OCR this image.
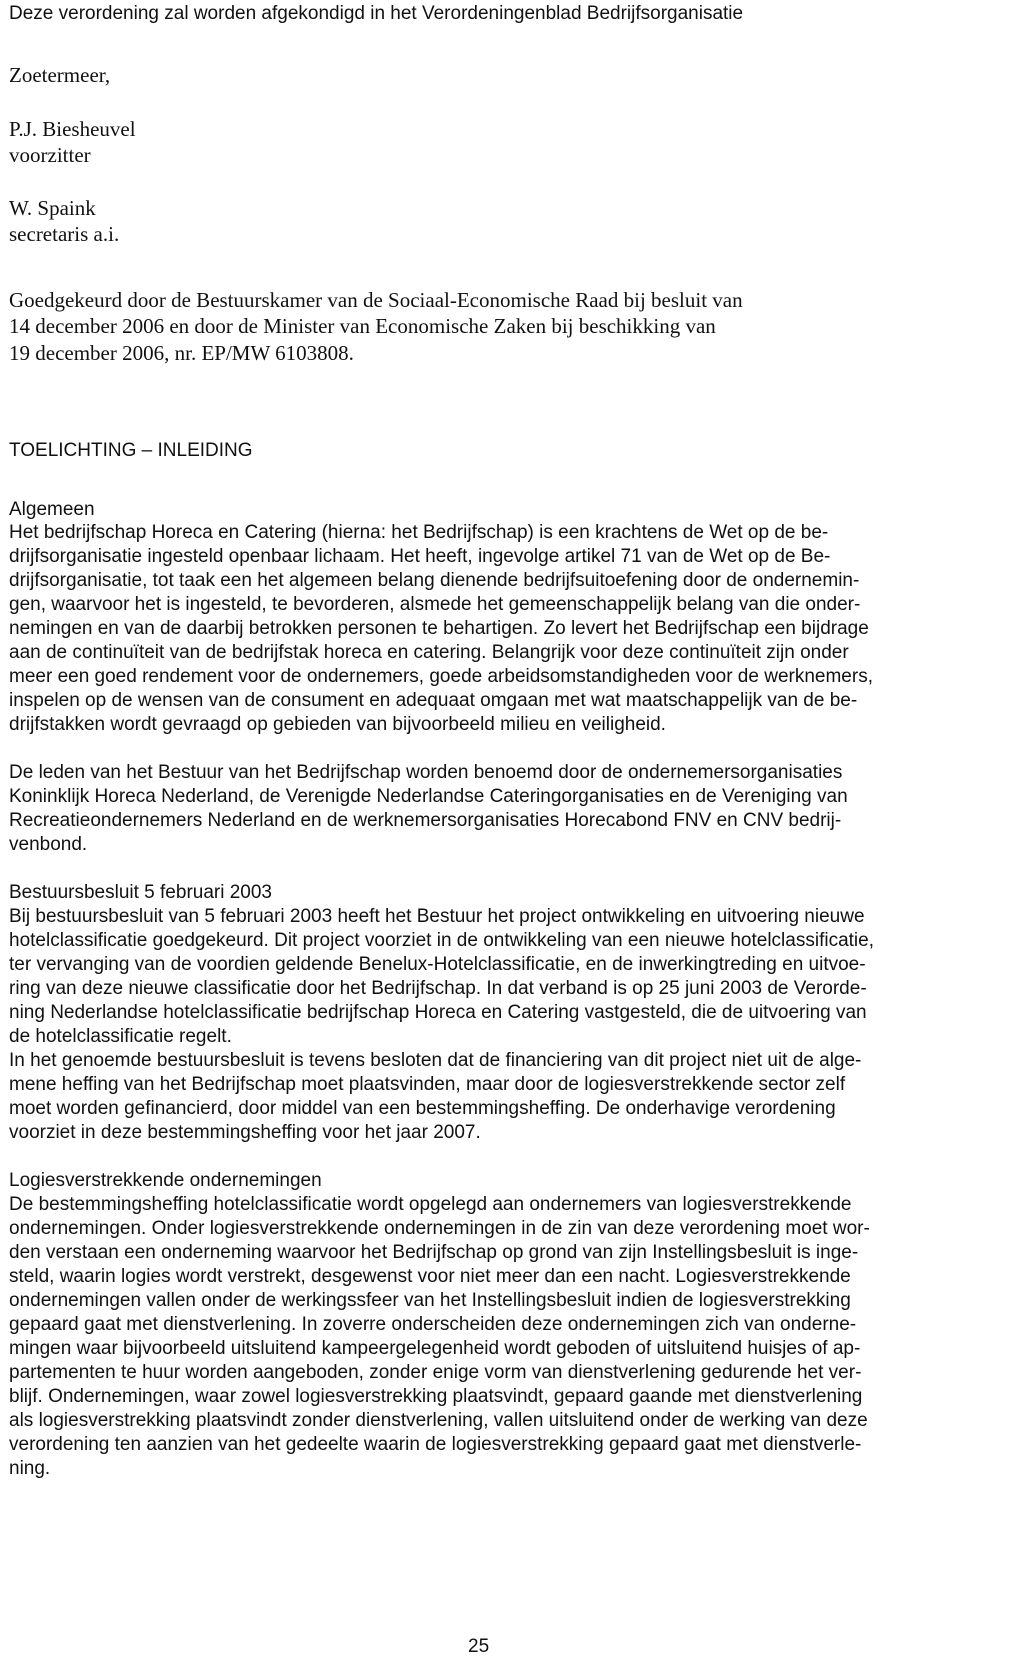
Deze verordening zal worden afgekondigd in het Verordeningenblad Bedrijfsorganisatie

Zoetermeer,

P.J. Biesheuvel

voorzitter

W. Spaink

secretaris a.i.

Goedgekeurd door de Bestuurskamer van de Sociaal-Economische Raad bij besluit van

14 december 2006 en door de Minister van Economische Zaken bij beschikking van

19 december 2006, nr. EP/MW 6103808.

TOELICHTING – INLEIDING

Algemeen

Het bedrijfschap Horeca en Catering (hierna: het Bedrijfschap) is een krachtens de Wet op de be-

drijfsorganisatie ingesteld openbaar lichaam. Het heeft, ingevolge artikel 71 van de Wet op de Be-

drijfsorganisatie, tot taak een het algemeen belang dienende bedrijfsuitoefening door de ondernemin-

gen, waarvoor het is ingesteld, te bevorderen, alsmede het gemeenschappelijk belang van die onder-

nemingen en van de daarbij betrokken personen te behartigen. Zo levert het Bedrijfschap een bijdrage

aan de continuïteit van de bedrijfstak horeca en catering. Belangrijk voor deze continuïteit zijn onder

meer een goed rendement voor de ondernemers, goede arbeidsomstandigheden voor de werknemers,

inspelen op de wensen van de consument en adequaat omgaan met wat maatschappelijk van de be-

drijfstakken wordt gevraagd op gebieden van bijvoorbeeld milieu en veiligheid.

De leden van het Bestuur van het Bedrijfschap worden benoemd door de ondernemersorganisaties

Koninklijk Horeca Nederland, de Verenigde Nederlandse Cateringorganisaties en de Vereniging van

Recreatieondernemers Nederland en de werknemersorganisaties Horecabond FNV en CNV bedrij-

venbond.

Bestuursbesluit 5 februari 2003

Bij bestuursbesluit van 5 februari 2003 heeft het Bestuur het project ontwikkeling en uitvoering nieuwe

hotelclassificatie goedgekeurd. Dit project voorziet in de ontwikkeling van een nieuwe hotelclassificatie,

ter vervanging van de voordien geldende Benelux-Hotelclassificatie, en de inwerkingtreding en uitvoe-

ring van deze nieuwe classificatie door het Bedrijfschap. In dat verband is op 25 juni 2003 de Verorde-

ning Nederlandse hotelclassificatie bedrijfschap Horeca en Catering vastgesteld, die de uitvoering van

de hotelclassificatie regelt.

In het genoemde bestuursbesluit is tevens besloten dat de financiering van dit project niet uit de alge-

mene heffing van het Bedrijfschap moet plaatsvinden, maar door de logiesverstrekkende sector zelf

moet worden gefinancierd, door middel van een bestemmingsheffing. De onderhavige verordening

voorziet in deze bestemmingsheffing voor het jaar 2007.

Logiesverstrekkende ondernemingen

De bestemmingsheffing hotelclassificatie wordt opgelegd aan ondernemers van logiesverstrekkende

ondernemingen. Onder logiesverstrekkende ondernemingen in de zin van deze verordening moet wor-

den verstaan een onderneming waarvoor het Bedrijfschap op grond van zijn Instellingsbesluit is inge-

steld, waarin logies wordt verstrekt, desgewenst voor niet meer dan een nacht. Logiesverstrekkende

ondernemingen vallen onder de werkingssfeer van het Instellingsbesluit indien de logiesverstrekking

gepaard gaat met dienstverlening. In zoverre onderscheiden deze ondernemingen zich van onderne-

mingen waar bijvoorbeeld uitsluitend kampeergelegenheid wordt geboden of uitsluitend huisjes of ap-

partementen te huur worden aangeboden, zonder enige vorm van dienstverlening gedurende het ver-

blijf. Ondernemingen, waar zowel logiesverstrekking plaatsvindt, gepaard gaande met dienstverlening

als logiesverstrekking plaatsvindt zonder dienstverlening, vallen uitsluitend onder de werking van deze

verordening ten aanzien van het gedeelte waarin de logiesverstrekking gepaard gaat met dienstverle-

ning.

25
